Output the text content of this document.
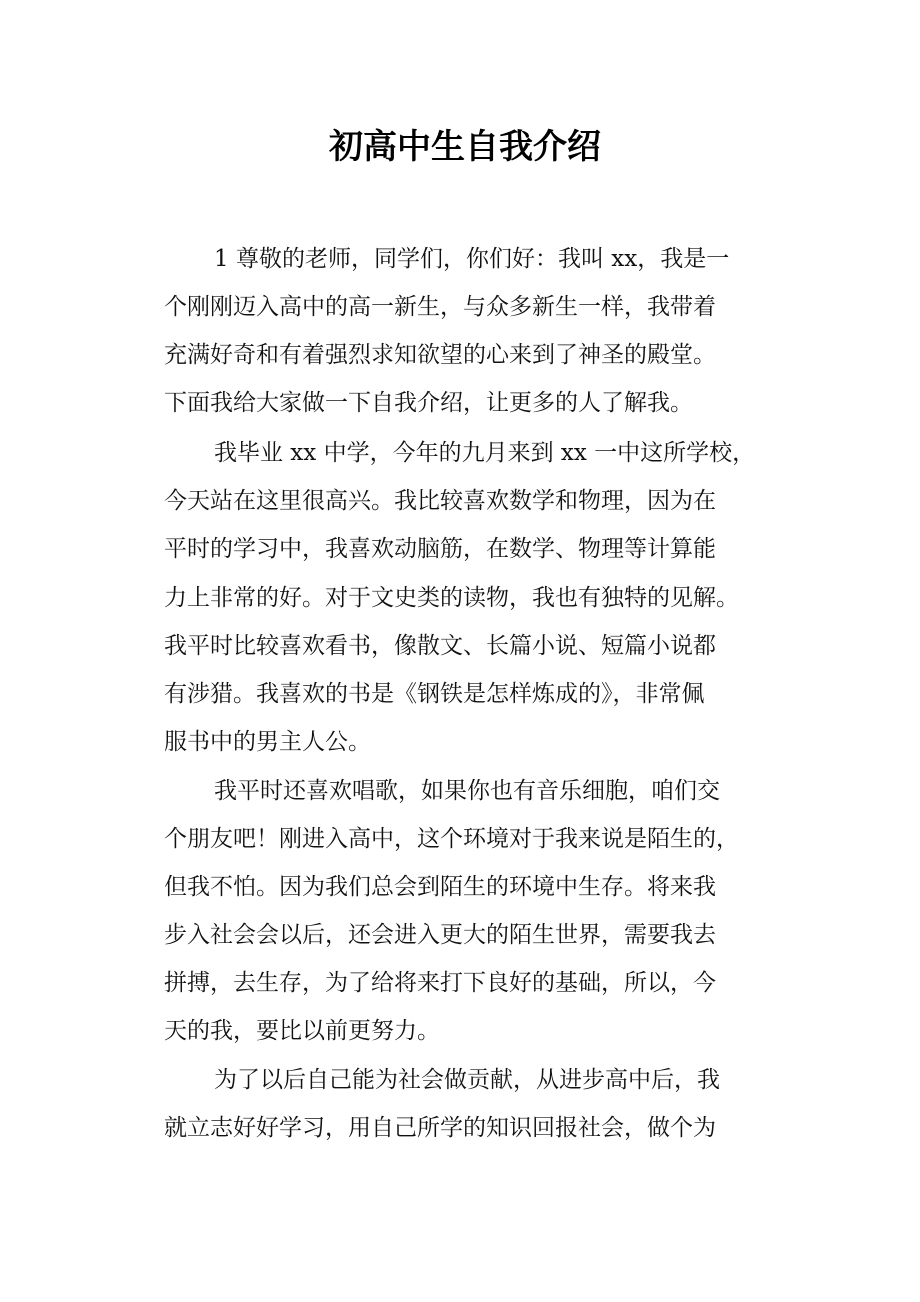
初高中生自我介绍
1 尊敬的老师，同学们，你们好：我叫 xx，我是一
个刚刚迈入高中的高一新生，与众多新生一样，我带着
充满好奇和有着强烈求知欲望的心来到了神圣的殿堂。
下面我给大家做一下自我介绍，让更多的人了解我。
我毕业 xx 中学，今年的九月来到 xx 一中这所学校，
今天站在这里很高兴。我比较喜欢数学和物理，因为在
平时的学习中，我喜欢动脑筋，在数学、物理等计算能
力上非常的好。对于文史类的读物，我也有独特的见解。
我平时比较喜欢看书，像散文、长篇小说、短篇小说都
有涉猎。我喜欢的书是《钢铁是怎样炼成的》，非常佩
服书中的男主人公。
我平时还喜欢唱歌，如果你也有音乐细胞，咱们交
个朋友吧！刚进入高中，这个环境对于我来说是陌生的，
但我不怕。因为我们总会到陌生的环境中生存。将来我
步入社会会以后，还会进入更大的陌生世界，需要我去
拼搏，去生存，为了给将来打下良好的基础，所以，今
天的我，要比以前更努力。
为了以后自己能为社会做贡献，从进步高中后，我
就立志好好学习，用自己所学的知识回报社会，做个为
